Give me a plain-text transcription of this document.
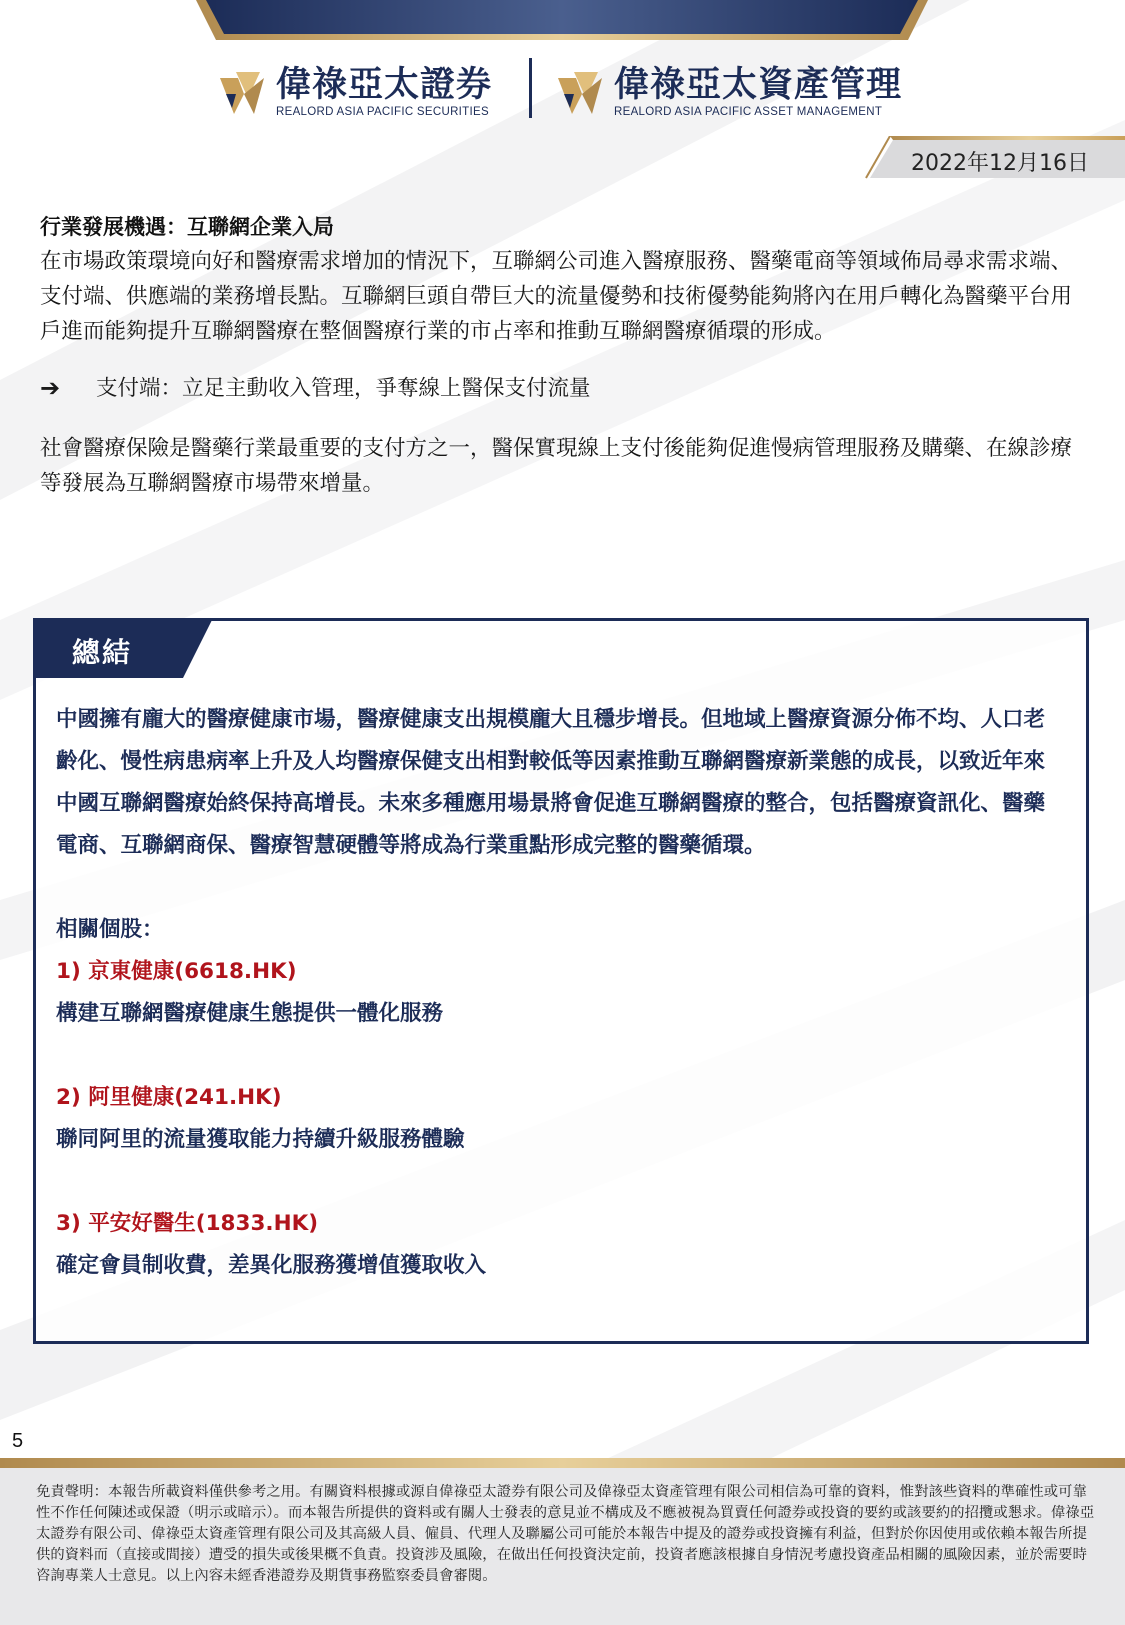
偉祿亞太證券
REALORD ASIA PACIFIC SECURITIES
偉祿亞太資產管理
REALORD ASIA PACIFIC ASSET MANAGEMENT
2022年12月16日
行業發展機遇：互聯網企業入局

在市場政策環境向好和醫療需求增加的情況下，互聯網公司進入醫療服務、醫藥電商等領域佈局尋求需求端、支付端、供應端的業務增長點。互聯網巨頭自帶巨大的流量優勢和技術優勢能夠將內在用戶轉化為醫藥平台用戶進而能夠提升互聯網醫療在整個醫療行業的市占率和推動互聯網醫療循環的形成。

➔	支付端：立足主動收入管理，爭奪線上醫保支付流量

社會醫療保險是醫藥行業最重要的支付方之一，醫保實現線上支付後能夠促進慢病管理服務及購藥、在線診療等發展為互聯網醫療市場帶來增量。

總結

中國擁有龐大的醫療健康市場，醫療健康支出規模龐大且穩步增長。但地域上醫療資源分佈不均、人口老齡化、慢性病患病率上升及人均醫療保健支出相對較低等因素推動互聯網醫療新業態的成長，以致近年來中國互聯網醫療始終保持高增長。未來多種應用場景將會促進互聯網醫療的整合，包括醫療資訊化、醫藥電商、互聯網商保、醫療智慧硬體等將成為行業重點形成完整的醫藥循環。

相關個股：
1) 京東健康(6618.HK)
構建互聯網醫療健康生態提供一體化服務
2) 阿里健康(241.HK)
聯同阿里的流量獲取能力持續升級服務體驗
3) 平安好醫生(1833.HK)
確定會員制收費，差異化服務獲增值獲取收入
5

免責聲明：本報告所載資料僅供參考之用。有關資料根據或源自偉祿亞太證券有限公司及偉祿亞太資產管理有限公司相信為可靠的資料，惟對該些資料的準確性或可靠性不作任何陳述或保證（明示或暗示）。而本報告所提供的資料或有關人士發表的意見並不構成及不應被視為買賣任何證券或投資的要約或該要約的招攬或懇求。偉祿亞太證券有限公司、偉祿亞太資產管理有限公司及其高級人員、僱員、代理人及聯屬公司可能於本報告中提及的證券或投資擁有利益，但對於你因使用或依賴本報告所提供的資料而（直接或間接）遭受的損失或後果概不負責。投資涉及風險，在做出任何投資決定前，投資者應該根據自身情況考慮投資產品相關的風險因素，並於需要時咨詢專業人士意見。以上內容未經香港證券及期貨事務監察委員會審閱。
